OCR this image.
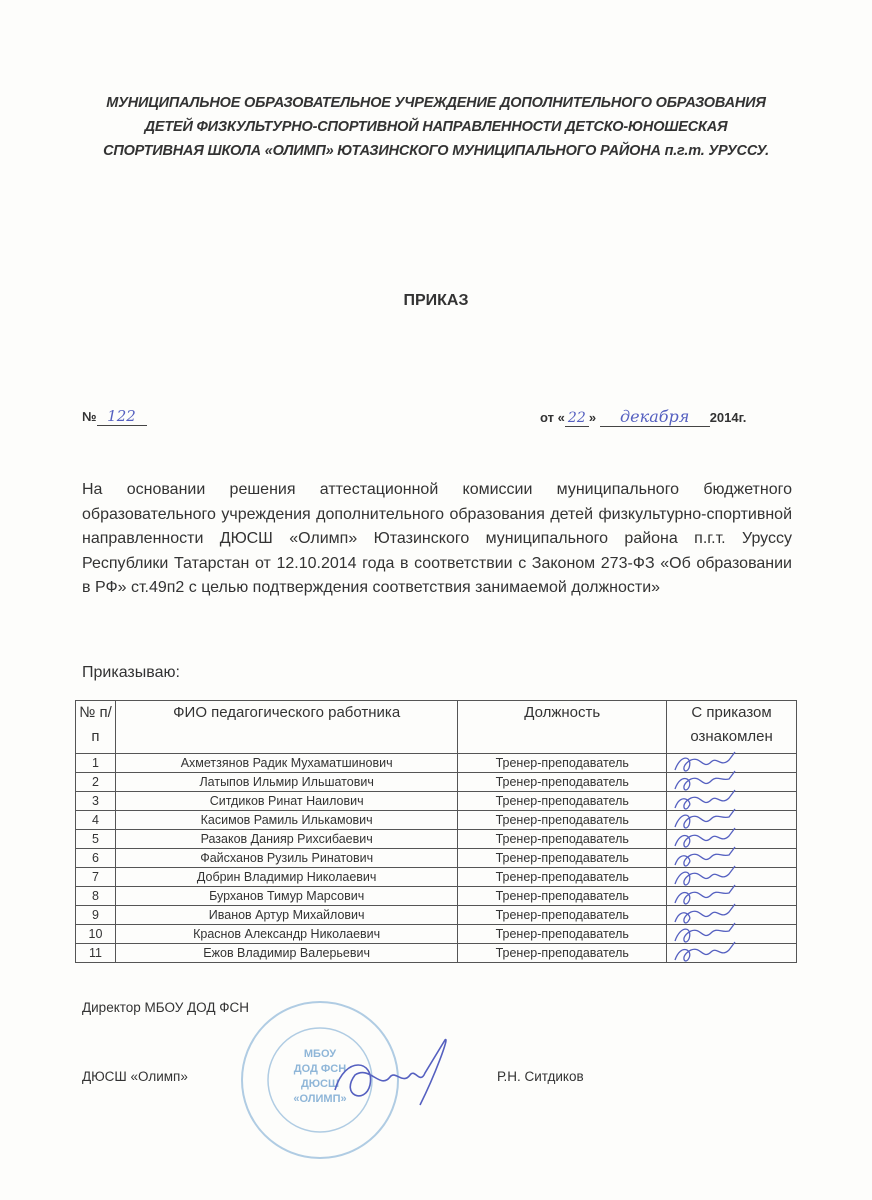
МУНИЦИПАЛЬНОЕ ОБРАЗОВАТЕЛЬНОЕ УЧРЕЖДЕНИЕ ДОПОЛНИТЕЛЬНОГО ОБРАЗОВАНИЯ
ДЕТЕЙ ФИЗКУЛЬТУРНО-СПОРТИВНОЙ НАПРАВЛЕННОСТИ ДЕТСКО-ЮНОШЕСКАЯ
СПОРТИВНАЯ ШКОЛА «ОЛИМП» ЮТАЗИНСКОГО МУНИЦИПАЛЬНОГО РАЙОНА п.г.т. УРУССУ.
ПРИКАЗ
№ 122	от « 22 » декабря 2014г.
На основании решения аттестационной комиссии муниципального бюджетного образовательного учреждения дополнительного образования детей физкультурно-спортивной направленности ДЮСШ «Олимп» Ютазинского муниципального района п.г.т. Уруссу Республики Татарстан от 12.10.2014 года в соответствии с Законом 273-ФЗ «Об образовании в РФ» ст.49п2 с целью подтверждения соответствия занимаемой должности»
Приказываю:
№ п/п	ФИО педагогического работника	Должность	С приказом ознакомлен
1	Ахметзянов Радик Мухаматшинович	Тренер-преподаватель	

2	Латыпов Ильмир Ильшатович	Тренер-преподаватель	

3	Ситдиков Ринат Наилович	Тренер-преподаватель	

4	Касимов Рамиль Илькамович	Тренер-преподаватель	

5	Разаков Данияр Рихсибаевич	Тренер-преподаватель	

6	Файсханов Рузиль Ринатович	Тренер-преподаватель	

7	Добрин Владимир Николаевич	Тренер-преподаватель	

8	Бурханов Тимур Марсович	Тренер-преподаватель	

9	Иванов Артур Михайлович	Тренер-преподаватель	

10	Краснов Александр Николаевич	Тренер-преподаватель	

11	Ежов Владимир Валерьевич	Тренер-преподаватель	
Директор МБОУ ДОД ФСН
ДЮСШ «Олимп»	Р.Н. Ситдиков
МБОУ
ДОД ФСН
ДЮСШ
«ОЛИМП»
